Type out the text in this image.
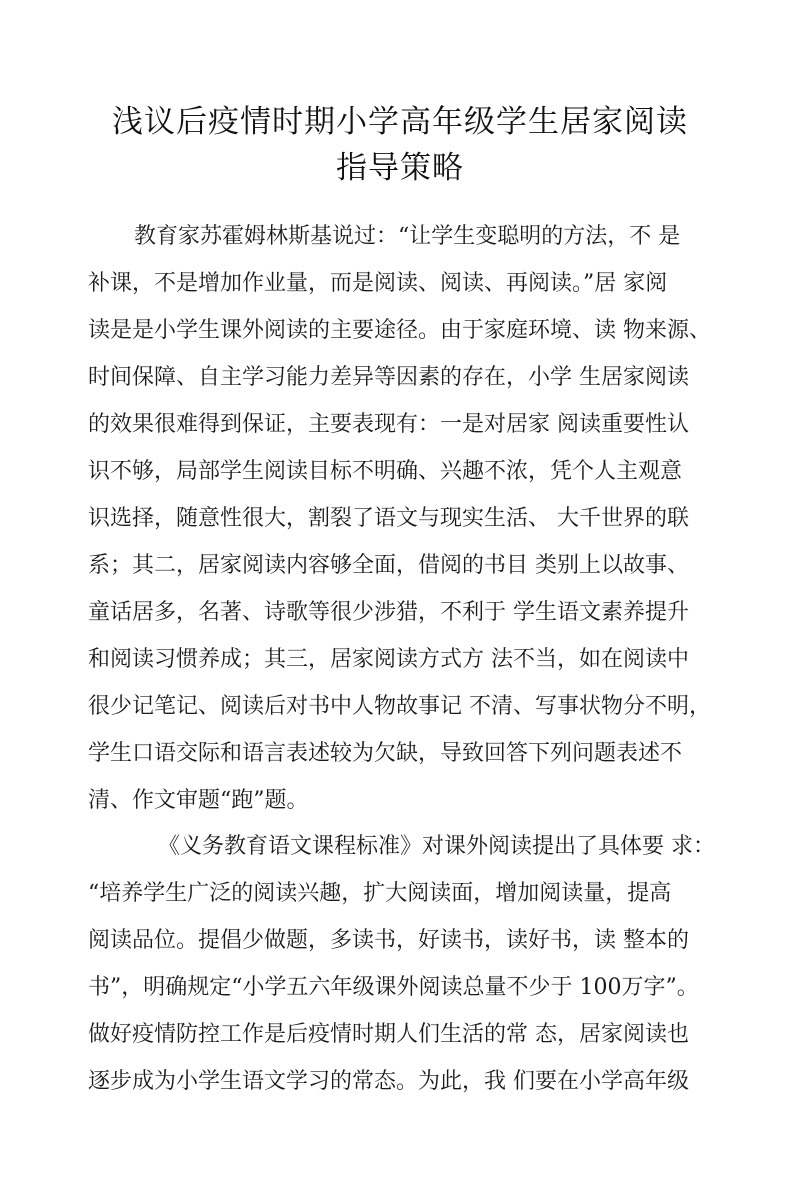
浅议后疫情时期小学高年级学生居家阅读
指导策略
教育家苏霍姆林斯基说过：“让学生变聪明的方法，不 是
补课，不是增加作业量，而是阅读、阅读、再阅读。”居 家阅
读是是小学生课外阅读的主要途径。由于家庭环境、读 物来源、
时间保障、自主学习能力差异等因素的存在，小学 生居家阅读
的效果很难得到保证，主要表现有：一是对居家 阅读重要性认
识不够，局部学生阅读目标不明确、兴趣不浓，凭个人主观意
识选择，随意性很大，割裂了语文与现实生活、 大千世界的联
系；其二，居家阅读内容够全面，借阅的书目 类别上以故事、
童话居多，名著、诗歌等很少涉猎，不利于 学生语文素养提升
和阅读习惯养成；其三，居家阅读方式方 法不当，如在阅读中
很少记笔记、阅读后对书中人物故事记 不清、写事状物分不明，
学生口语交际和语言表述较为欠缺，导致回答下列问题表述不
清、作文审题“跑”题。
《义务教育语文课程标准》对课外阅读提出了具体要 求：
“培养学生广泛的阅读兴趣，扩大阅读面，增加阅读量，提高
阅读品位。提倡少做题，多读书，好读书，读好书，读 整本的
书”，明确规定“小学五六年级课外阅读总量不少于 100万字”。
做好疫情防控工作是后疫情时期人们生活的常 态，居家阅读也
逐步成为小学生语文学习的常态。为此，我 们要在小学高年级
